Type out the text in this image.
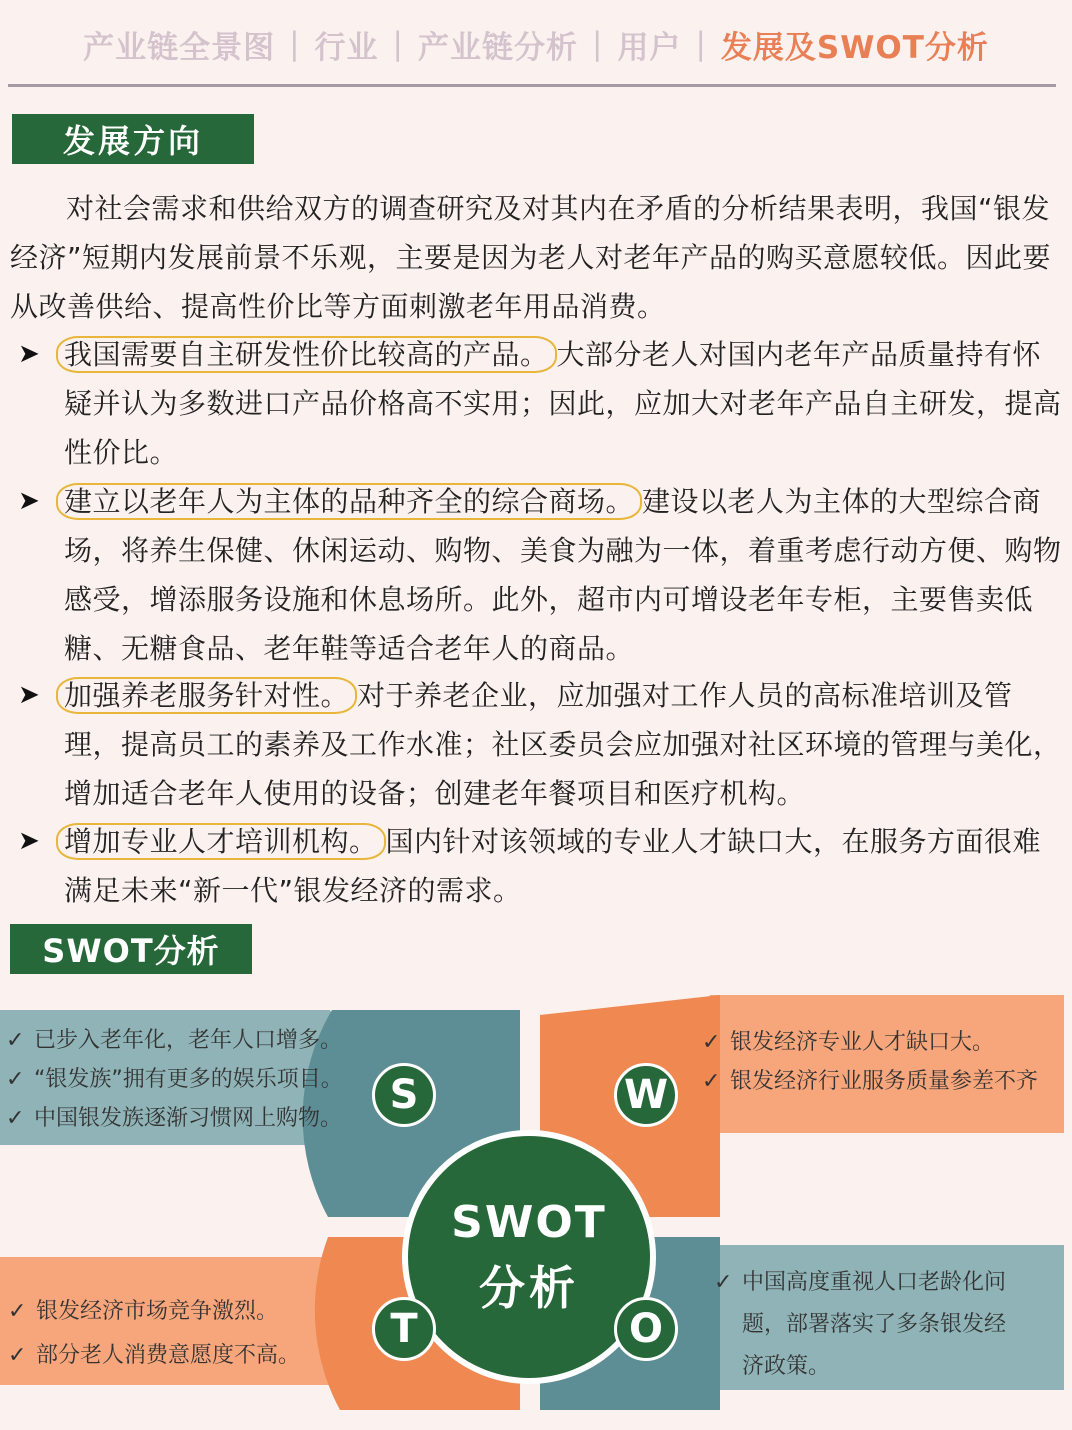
产业链全景图 | 行业 | 产业链分析 | 用户 | 发展及SWOT分析
发展方向

对社会需求和供给双方的调查研究及对其内在矛盾的分析结果表明，我国“银发经济”短期内发展前景不乐观，主要是因为老人对老年产品的购买意愿较低。因此要从改善供给、提高性价比等方面刺激老年用品消费。

➤ 我国需要自主研发性价比较高的产品。 大部分老人对国内老年产品质量持有怀疑并认为多数进口产品价格高不实用；因此，应加大对老年产品自主研发，提高性价比。
➤ 建立以老年人为主体的品种齐全的综合商场。 建设以老人为主体的大型综合商场，将养生保健、休闲运动、购物、美食为融为一体，着重考虑行动方便、购物感受，增添服务设施和休息场所。此外，超市内可增设老年专柜，主要售卖低糖、无糖食品、老年鞋等适合老年人的商品。
➤ 加强养老服务针对性。 对于养老企业，应加强对工作人员的高标准培训及管理，提高员工的素养及工作水准；社区委员会应加强对社区环境的管理与美化，增加适合老年人使用的设备；创建老年餐项目和医疗机构。
➤ 增加专业人才培训机构。 国内针对该领域的专业人才缺口大，在服务方面很难满足未来“新一代”银发经济的需求。
SWOT分析
SWOT
分析
S	W
T	O
✓ 已步入老年化，老年人口增多。
✓ “银发族”拥有更多的娱乐项目。
✓ 中国银发族逐渐习惯网上购物。
✓ 银发经济专业人才缺口大。
✓ 银发经济行业服务质量参差不齐
✓ 银发经济市场竞争激烈。
✓ 部分老人消费意愿度不高。
✓ 中国高度重视人口老龄化问
题，部署落实了多条银发经
济政策。
